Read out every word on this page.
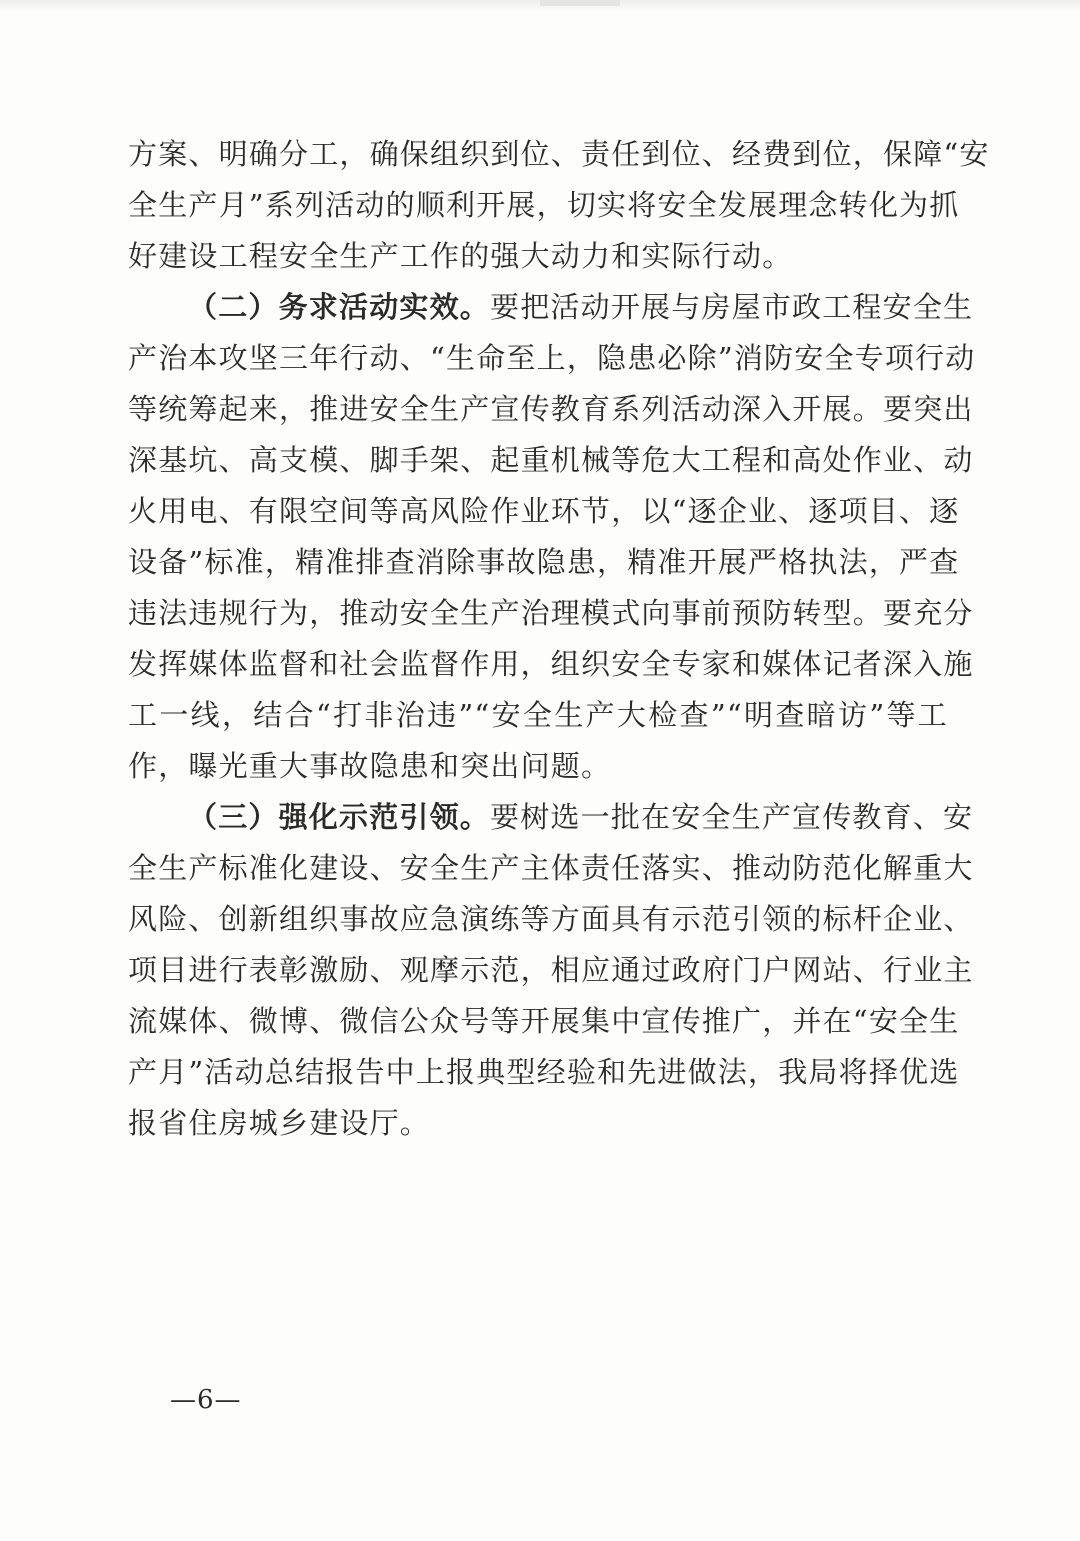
方案、明确分工，确保组织到位、责任到位、经费到位，保障“安
全生产月”系列活动的顺利开展，切实将安全发展理念转化为抓
好建设工程安全生产工作的强大动力和实际行动。
（二）务求活动实效。要把活动开展与房屋市政工程安全生
产治本攻坚三年行动、“生命至上，隐患必除”消防安全专项行动
等统筹起来，推进安全生产宣传教育系列活动深入开展。要突出
深基坑、高支模、脚手架、起重机械等危大工程和高处作业、动
火用电、有限空间等高风险作业环节，以“逐企业、逐项目、逐
设备”标准，精准排查消除事故隐患，精准开展严格执法，严查
违法违规行为，推动安全生产治理模式向事前预防转型。要充分
发挥媒体监督和社会监督作用，组织安全专家和媒体记者深入施
工一线，结合“打非治违”“安全生产大检查”“明查暗访”等工
作，曝光重大事故隐患和突出问题。
（三）强化示范引领。要树选一批在安全生产宣传教育、安
全生产标准化建设、安全生产主体责任落实、推动防范化解重大
风险、创新组织事故应急演练等方面具有示范引领的标杆企业、
项目进行表彰激励、观摩示范，相应通过政府门户网站、行业主
流媒体、微博、微信公众号等开展集中宣传推广，并在“安全生
产月”活动总结报告中上报典型经验和先进做法，我局将择优选
报省住房城乡建设厅。
—6—
